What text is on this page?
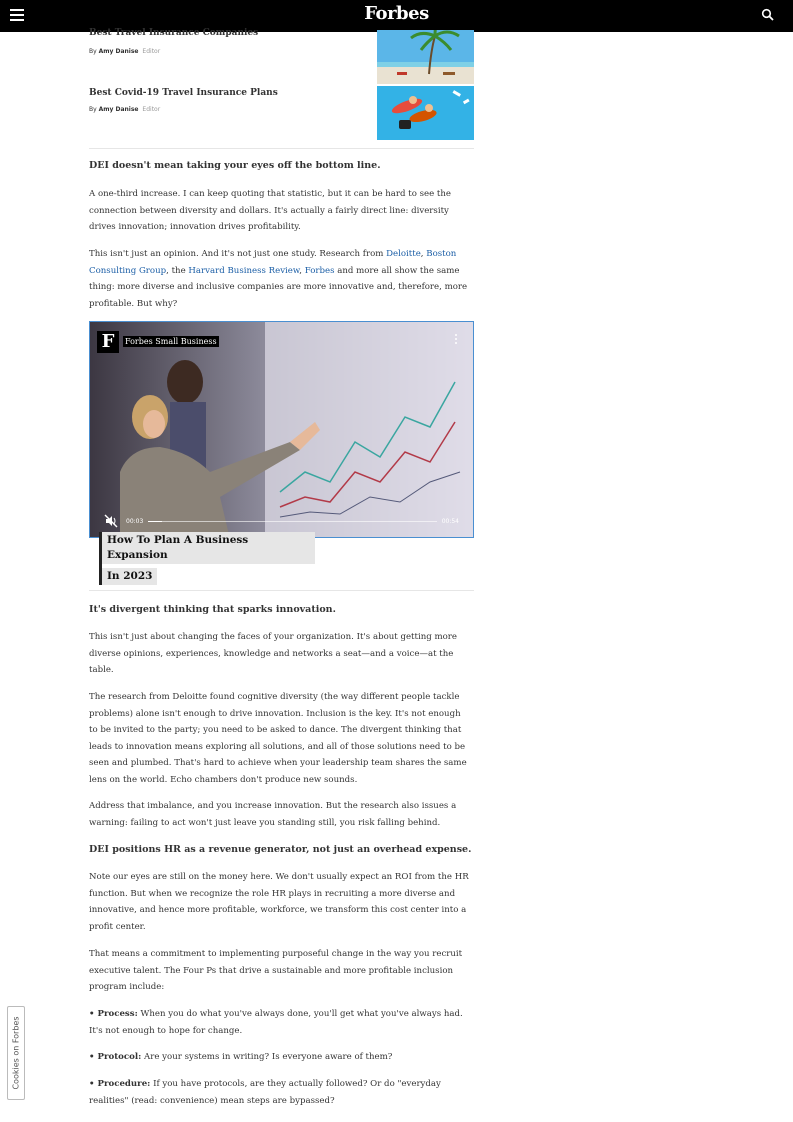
Forbes
Best Travel Insurance Companies
By Amy Danise Editor
Best Covid-19 Travel Insurance Plans
By Amy Danise Editor
DEI doesn't mean taking your eyes off the bottom line.
A one-third increase. I can keep quoting that statistic, but it can be hard to see the connection between diversity and dollars. It's actually a fairly direct line: diversity drives innovation; innovation drives profitability.
This isn't just an opinion. And it's not just one study. Research from Deloitte, Boston Consulting Group, the Harvard Business Review, Forbes and more all show the same thing: more diverse and inclusive companies are more innovative and, therefore, more profitable. But why?
F	Forbes Small Business
00:03	00:54
How To Plan A Business Expansion
In 2023
It's divergent thinking that sparks innovation.
This isn't just about changing the faces of your organization. It's about getting more diverse opinions, experiences, knowledge and networks a seat—and a voice—at the table.
The research from Deloitte found cognitive diversity (the way different people tackle problems) alone isn't enough to drive innovation. Inclusion is the key. It's not enough to be invited to the party; you need to be asked to dance. The divergent thinking that leads to innovation means exploring all solutions, and all of those solutions need to be seen and plumbed. That's hard to achieve when your leadership team shares the same lens on the world. Echo chambers don't produce new sounds.
Address that imbalance, and you increase innovation. But the research also issues a warning: failing to act won't just leave you standing still, you risk falling behind.
DEI positions HR as a revenue generator, not just an overhead expense.
Note our eyes are still on the money here. We don't usually expect an ROI from the HR function. But when we recognize the role HR plays in recruiting a more diverse and innovative, and hence more profitable, workforce, we transform this cost center into a profit center.
That means a commitment to implementing purposeful change in the way you recruit executive talent. The Four Ps that drive a sustainable and more profitable inclusion program include:
• Process: When you do what you've always done, you'll get what you've always had. It's not enough to hope for change.
• Protocol: Are your systems in writing? Is everyone aware of them?
• Procedure: If you have protocols, are they actually followed? Or do "everyday realities" (read: convenience) mean steps are bypassed?
Cookies on Forbes
